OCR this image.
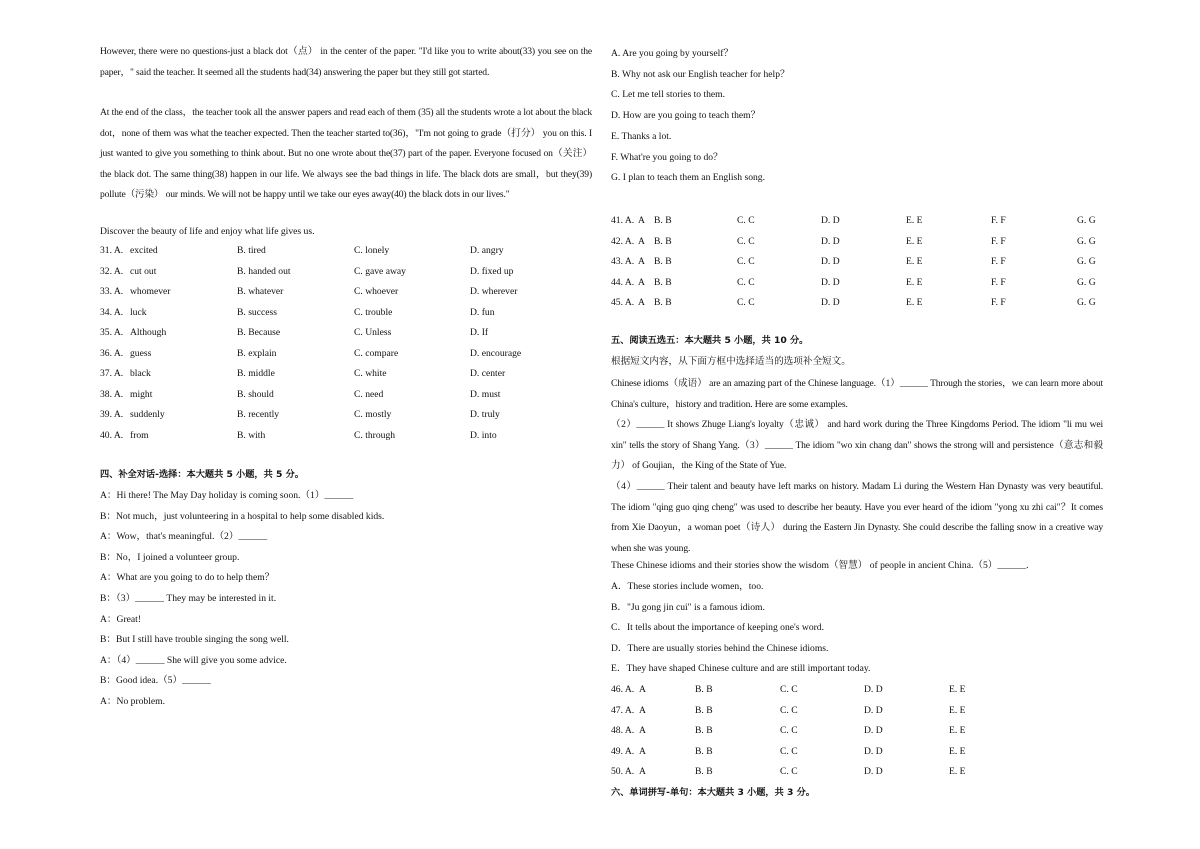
However, there were no questions-just a black dot（点） in the center of the paper. "I'd like you to write about(33) you see on the paper，" said the teacher. It seemed all the students had(34) answering the paper but they still got started.
At the end of the class，the teacher took all the answer papers and read each of them (35) all the students wrote a lot about the black dot，none of them was what the teacher expected. Then the teacher started to(36)，"I'm not going to grade（打分） you on this. I just wanted to give you something to think about. But no one wrote about the(37) part of the paper. Everyone focused on（关注） the black dot. The same thing(38) happen in our life. We always see the bad things in life. The black dots are small，but they(39) pollute（污染） our minds. We will not be happy until we take our eyes away(40) the black dots in our lives."
Discover the beauty of life and enjoy what life gives us.
31. A. excited	B. tired	C. lonely	D. angry
32. A. cut out	B. handed out	C. gave away	D. fixed up
33. A. whomever	B. whatever	C. whoever	D. wherever
34. A. luck	B. success	C. trouble	D. fun
35. A. Although	B. Because	C. Unless	D. If
36. A. guess	B. explain	C. compare	D. encourage
37. A. black	B. middle	C. white	D. center
38. A. might	B. should	C. need	D. must
39. A. suddenly	B. recently	C. mostly	D. truly
40. A. from	B. with	C. through	D. into
四、补全对话-选择：本大题共 5 小题，共 5 分。
A：Hi there! The May Day holiday is coming soon.（1）______
B：Not much，just volunteering in a hospital to help some disabled kids.
A：Wow，that's meaningful.（2）______
B：No，I joined a volunteer group.
A：What are you going to do to help them？
B：（3）______ They may be interested in it.
A：Great!
B：But I still have trouble singing the song well.
A：（4）______ She will give you some advice.
B：Good idea.（5）______
A：No problem.
A. Are you going by yourself？
B. Why not ask our English teacher for help？
C. Let me tell stories to them.
D. How are you going to teach them？
E. Thanks a lot.
F. What're you going to do？
G. I plan to teach them an English song.
41. A. A B. B	C. C	D. D	E. E	F. F	G. G
42. A. A B. B	C. C	D. D	E. E	F. F	G. G
43. A. A B. B	C. C	D. D	E. E	F. F	G. G
44. A. A B. B	C. C	D. D	E. E	F. F	G. G
45. A. A B. B	C. C	D. D	E. E	F. F	G. G
五、阅读五选五：本大题共 5 小题，共 10 分。
根据短文内容，从下面方框中选择适当的选项补全短文。
Chinese idioms（成语） are an amazing part of the Chinese language.（1）______ Through the stories，we can learn more about China's culture，history and tradition. Here are some examples.
（2）______ It shows Zhuge Liang's loyalty（忠诚） and hard work during the Three Kingdoms Period. The idiom "li mu wei xin" tells the story of Shang Yang.（3）______ The idiom "wo xin chang dan" shows the strong will and persistence（意志和毅力） of Goujian，the King of the State of Yue.
（4）______ Their talent and beauty have left marks on history. Madam Li during the Western Han Dynasty was very beautiful. The idiom "qing guo qing cheng" was used to describe her beauty. Have you ever heard of the idiom "yong xu zhi cai"？It comes from Xie Daoyun，a woman poet（诗人） during the Eastern Jin Dynasty. She could describe the falling snow in a creative way when she was young.
These Chinese idioms and their stories show the wisdom（智慧） of people in ancient China.（5）______.
A．These stories include women，too.
B．"Ju gong jin cui" is a famous idiom.
C．It tells about the importance of keeping one's word.
D．There are usually stories behind the Chinese idioms.
E．They have shaped Chinese culture and are still important today.
46. A. A	B. B	C. C	D. D	E. E
47. A. A	B. B	C. C	D. D	E. E
48. A. A	B. B	C. C	D. D	E. E
49. A. A	B. B	C. C	D. D	E. E
50. A. A	B. B	C. C	D. D	E. E
六、单词拼写-单句：本大题共 3 小题，共 3 分。
